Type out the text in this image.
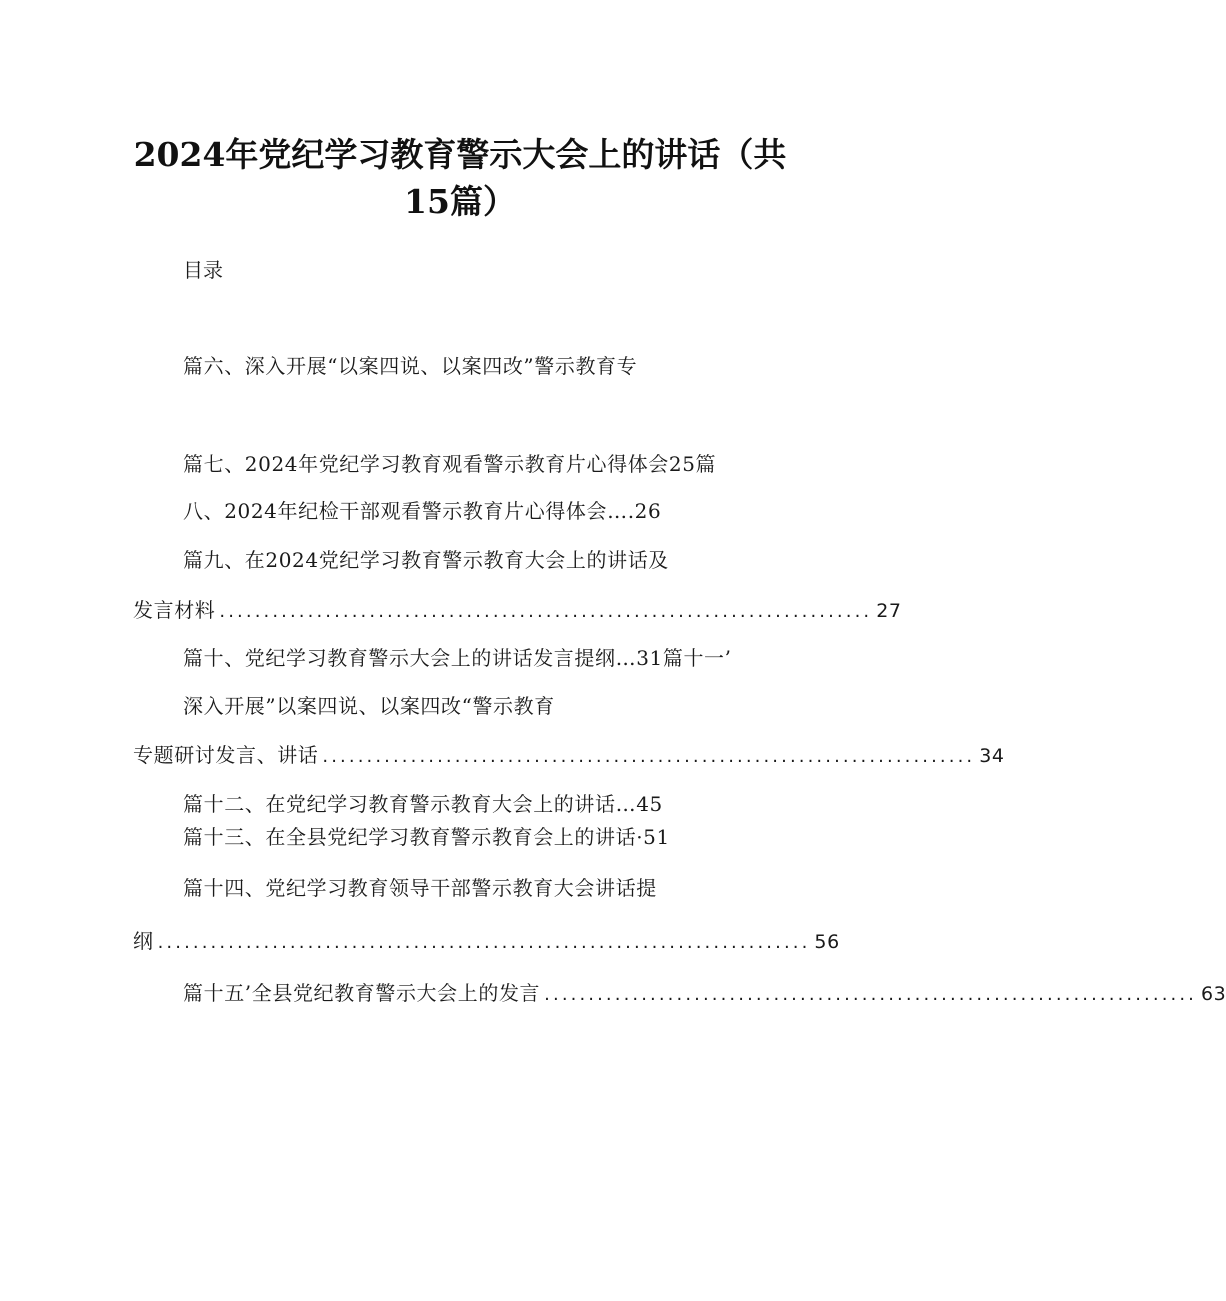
2024年党纪学习教育警示大会上的讲话（共
15篇）
目录
篇六、深入开展“以案四说、以案四改”警示教育专
篇七、2024年党纪学习教育观看警示教育片心得体会25篇
八、2024年纪检干部观看警示教育片心得体会….26
篇九、在2024党纪学习教育警示教育大会上的讲话及
发言材料 .......................................................................... 27
篇十、党纪学习教育警示大会上的讲话发言提纲…31篇十一’
深入开展”以案四说、以案四改“警示教育
专题研讨发言、讲话 .......................................................................... 34
篇十二、在党纪学习教育警示教育大会上的讲话…45
篇十三、在全县党纪学习教育警示教育会上的讲话·51
篇十四、党纪学习教育领导干部警示教育大会讲话提
纲 .......................................................................... 56
篇十五’全县党纪教育警示大会上的发言 .......................................................................... 63
